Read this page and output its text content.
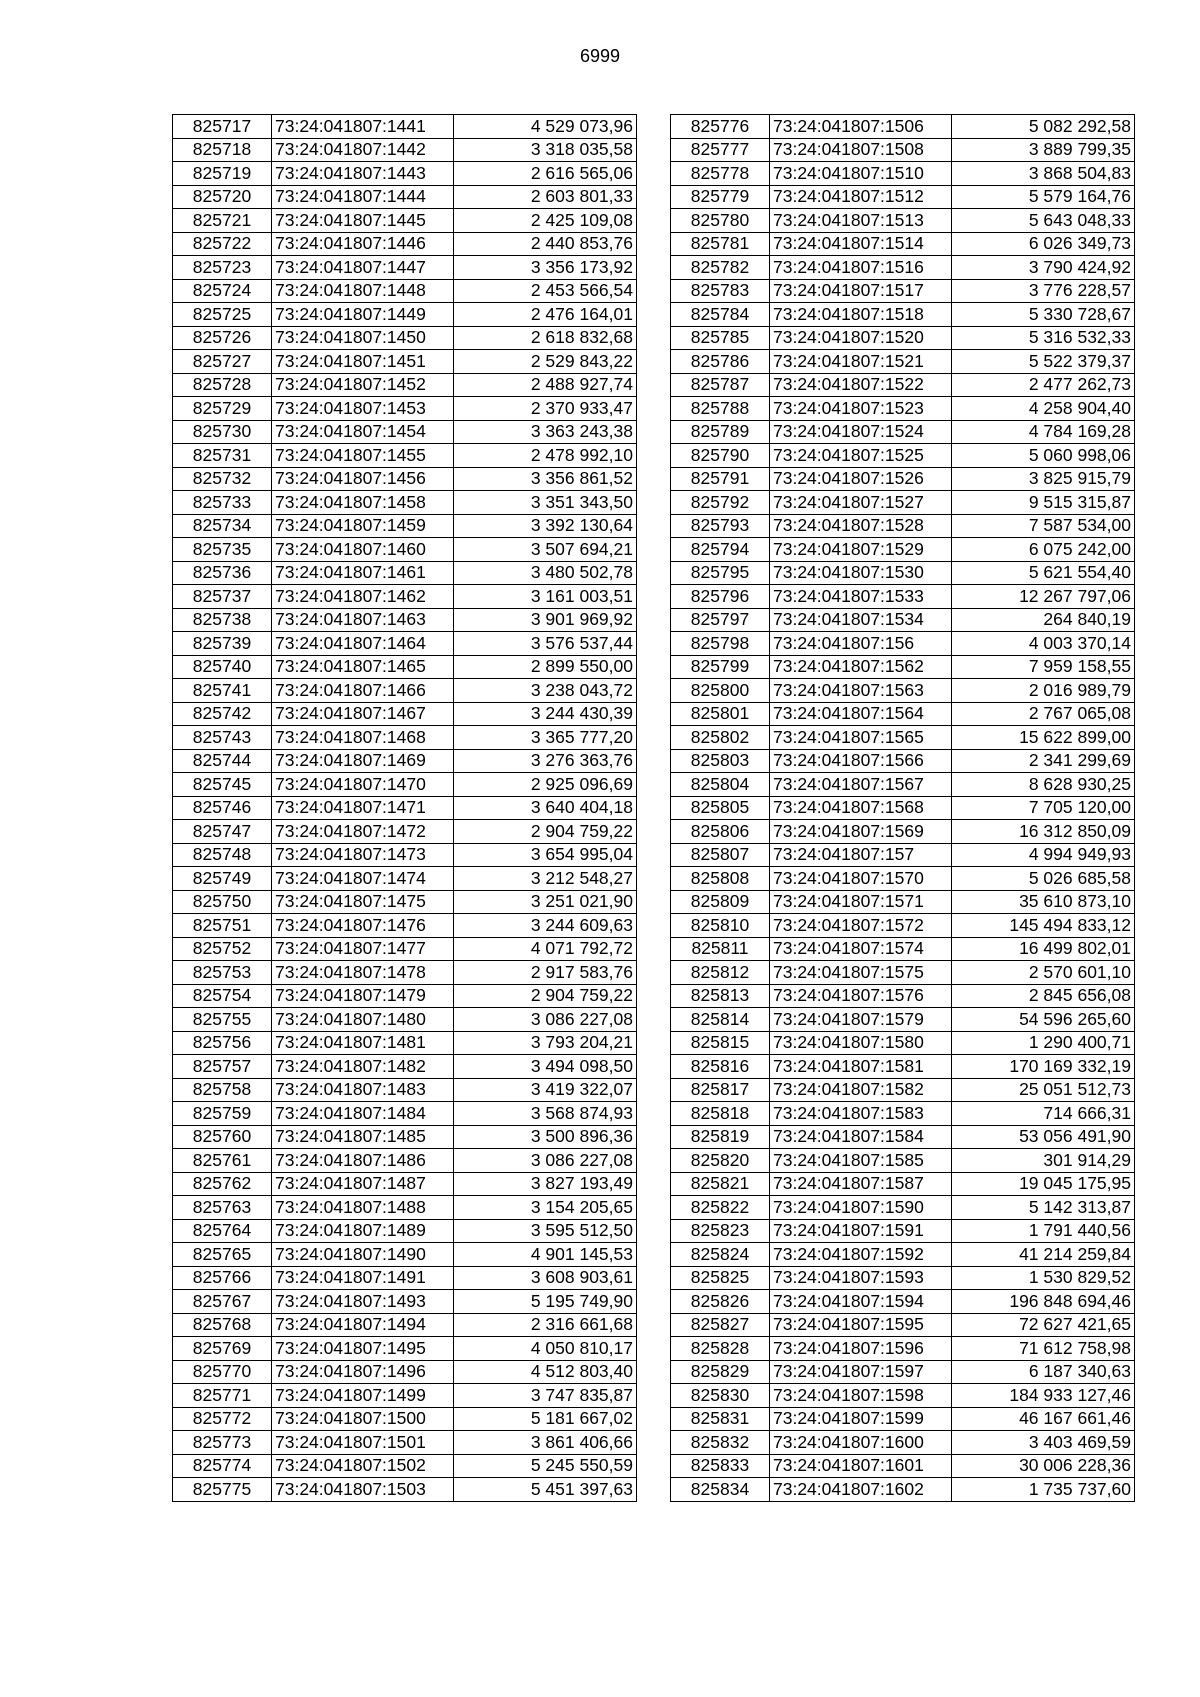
6999
825717	73:24:041807:1441	4 529 073,96
825718	73:24:041807:1442	3 318 035,58
825719	73:24:041807:1443	2 616 565,06
825720	73:24:041807:1444	2 603 801,33
825721	73:24:041807:1445	2 425 109,08
825722	73:24:041807:1446	2 440 853,76
825723	73:24:041807:1447	3 356 173,92
825724	73:24:041807:1448	2 453 566,54
825725	73:24:041807:1449	2 476 164,01
825726	73:24:041807:1450	2 618 832,68
825727	73:24:041807:1451	2 529 843,22
825728	73:24:041807:1452	2 488 927,74
825729	73:24:041807:1453	2 370 933,47
825730	73:24:041807:1454	3 363 243,38
825731	73:24:041807:1455	2 478 992,10
825732	73:24:041807:1456	3 356 861,52
825733	73:24:041807:1458	3 351 343,50
825734	73:24:041807:1459	3 392 130,64
825735	73:24:041807:1460	3 507 694,21
825736	73:24:041807:1461	3 480 502,78
825737	73:24:041807:1462	3 161 003,51
825738	73:24:041807:1463	3 901 969,92
825739	73:24:041807:1464	3 576 537,44
825740	73:24:041807:1465	2 899 550,00
825741	73:24:041807:1466	3 238 043,72
825742	73:24:041807:1467	3 244 430,39
825743	73:24:041807:1468	3 365 777,20
825744	73:24:041807:1469	3 276 363,76
825745	73:24:041807:1470	2 925 096,69
825746	73:24:041807:1471	3 640 404,18
825747	73:24:041807:1472	2 904 759,22
825748	73:24:041807:1473	3 654 995,04
825749	73:24:041807:1474	3 212 548,27
825750	73:24:041807:1475	3 251 021,90
825751	73:24:041807:1476	3 244 609,63
825752	73:24:041807:1477	4 071 792,72
825753	73:24:041807:1478	2 917 583,76
825754	73:24:041807:1479	2 904 759,22
825755	73:24:041807:1480	3 086 227,08
825756	73:24:041807:1481	3 793 204,21
825757	73:24:041807:1482	3 494 098,50
825758	73:24:041807:1483	3 419 322,07
825759	73:24:041807:1484	3 568 874,93
825760	73:24:041807:1485	3 500 896,36
825761	73:24:041807:1486	3 086 227,08
825762	73:24:041807:1487	3 827 193,49
825763	73:24:041807:1488	3 154 205,65
825764	73:24:041807:1489	3 595 512,50
825765	73:24:041807:1490	4 901 145,53
825766	73:24:041807:1491	3 608 903,61
825767	73:24:041807:1493	5 195 749,90
825768	73:24:041807:1494	2 316 661,68
825769	73:24:041807:1495	4 050 810,17
825770	73:24:041807:1496	4 512 803,40
825771	73:24:041807:1499	3 747 835,87
825772	73:24:041807:1500	5 181 667,02
825773	73:24:041807:1501	3 861 406,66
825774	73:24:041807:1502	5 245 550,59
825775	73:24:041807:1503	5 451 397,63
825776	73:24:041807:1506	5 082 292,58
825777	73:24:041807:1508	3 889 799,35
825778	73:24:041807:1510	3 868 504,83
825779	73:24:041807:1512	5 579 164,76
825780	73:24:041807:1513	5 643 048,33
825781	73:24:041807:1514	6 026 349,73
825782	73:24:041807:1516	3 790 424,92
825783	73:24:041807:1517	3 776 228,57
825784	73:24:041807:1518	5 330 728,67
825785	73:24:041807:1520	5 316 532,33
825786	73:24:041807:1521	5 522 379,37
825787	73:24:041807:1522	2 477 262,73
825788	73:24:041807:1523	4 258 904,40
825789	73:24:041807:1524	4 784 169,28
825790	73:24:041807:1525	5 060 998,06
825791	73:24:041807:1526	3 825 915,79
825792	73:24:041807:1527	9 515 315,87
825793	73:24:041807:1528	7 587 534,00
825794	73:24:041807:1529	6 075 242,00
825795	73:24:041807:1530	5 621 554,40
825796	73:24:041807:1533	12 267 797,06
825797	73:24:041807:1534	264 840,19
825798	73:24:041807:156	4 003 370,14
825799	73:24:041807:1562	7 959 158,55
825800	73:24:041807:1563	2 016 989,79
825801	73:24:041807:1564	2 767 065,08
825802	73:24:041807:1565	15 622 899,00
825803	73:24:041807:1566	2 341 299,69
825804	73:24:041807:1567	8 628 930,25
825805	73:24:041807:1568	7 705 120,00
825806	73:24:041807:1569	16 312 850,09
825807	73:24:041807:157	4 994 949,93
825808	73:24:041807:1570	5 026 685,58
825809	73:24:041807:1571	35 610 873,10
825810	73:24:041807:1572	145 494 833,12
825811	73:24:041807:1574	16 499 802,01
825812	73:24:041807:1575	2 570 601,10
825813	73:24:041807:1576	2 845 656,08
825814	73:24:041807:1579	54 596 265,60
825815	73:24:041807:1580	1 290 400,71
825816	73:24:041807:1581	170 169 332,19
825817	73:24:041807:1582	25 051 512,73
825818	73:24:041807:1583	714 666,31
825819	73:24:041807:1584	53 056 491,90
825820	73:24:041807:1585	301 914,29
825821	73:24:041807:1587	19 045 175,95
825822	73:24:041807:1590	5 142 313,87
825823	73:24:041807:1591	1 791 440,56
825824	73:24:041807:1592	41 214 259,84
825825	73:24:041807:1593	1 530 829,52
825826	73:24:041807:1594	196 848 694,46
825827	73:24:041807:1595	72 627 421,65
825828	73:24:041807:1596	71 612 758,98
825829	73:24:041807:1597	6 187 340,63
825830	73:24:041807:1598	184 933 127,46
825831	73:24:041807:1599	46 167 661,46
825832	73:24:041807:1600	3 403 469,59
825833	73:24:041807:1601	30 006 228,36
825834	73:24:041807:1602	1 735 737,60
